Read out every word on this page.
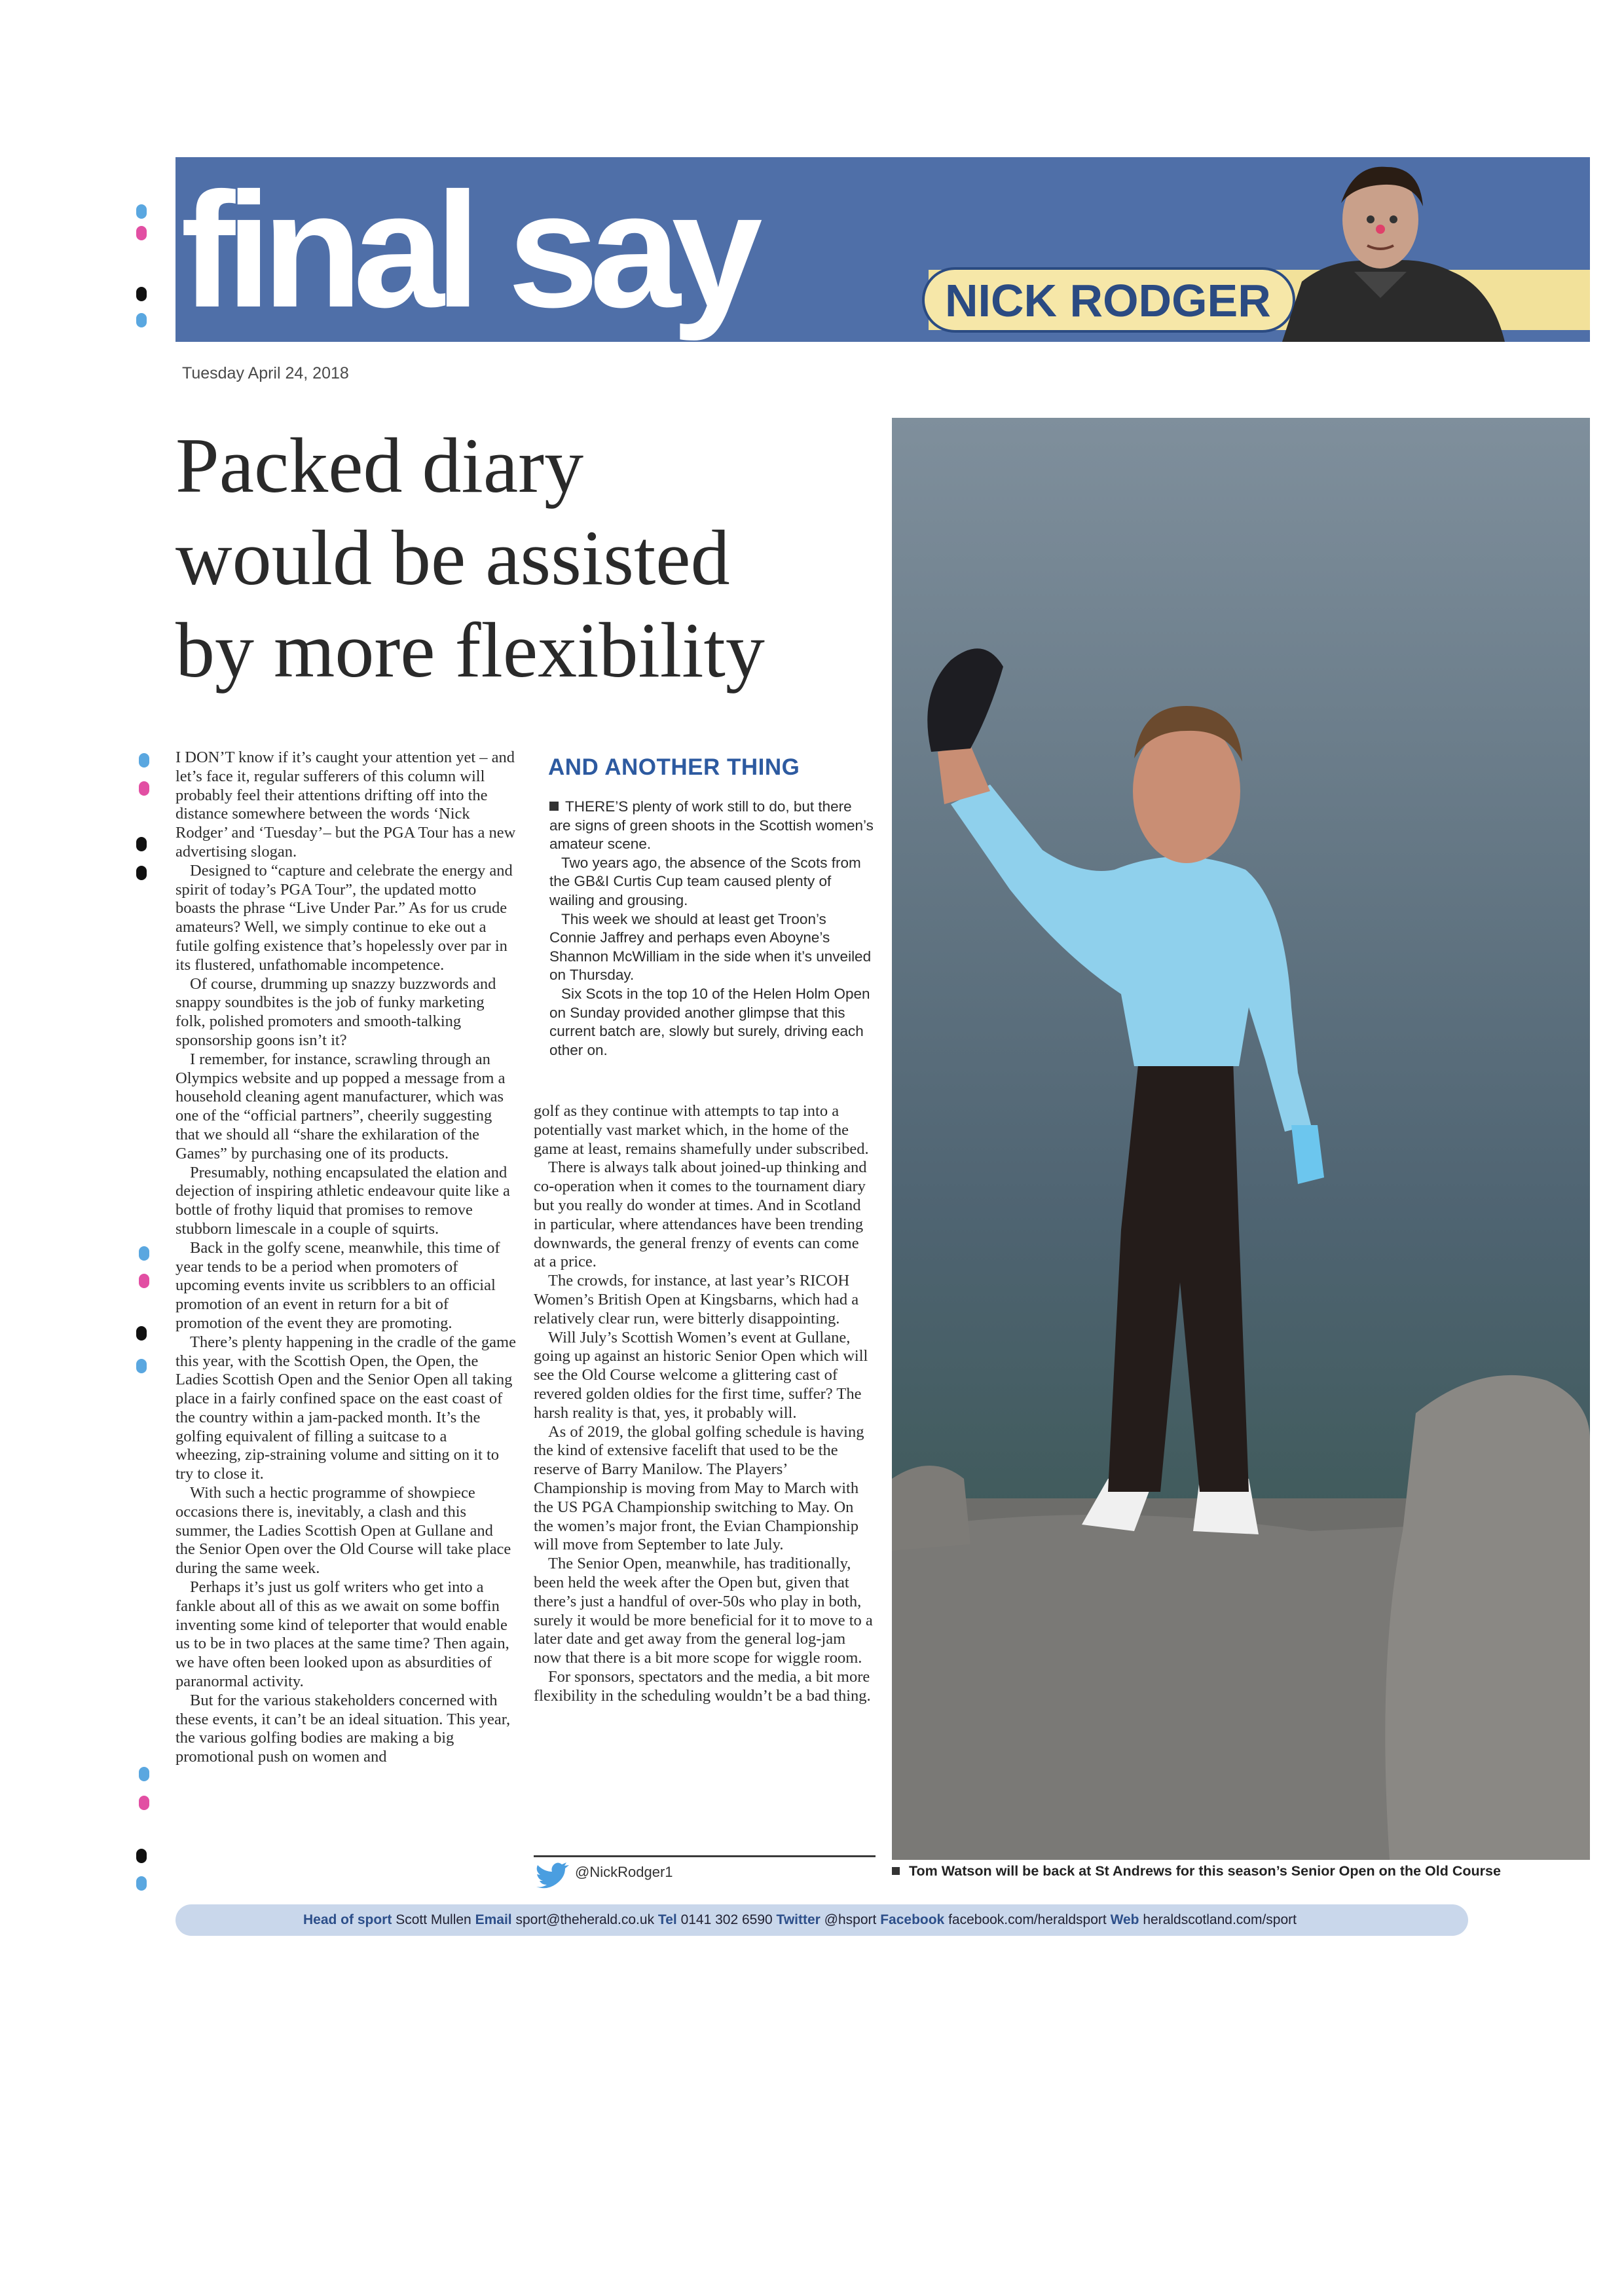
final say	NICK RODGER
Tuesday April 24, 2018
Packed diary
would be assisted
by more flexibility

I DON’T know if it’s caught your attention yet – and let’s face it, regular sufferers of this column will probably feel their attentions drifting off into the distance somewhere between the words ‘Nick Rodger’ and ‘Tuesday’– but the PGA Tour has a new advertising slogan.

Designed to “capture and celebrate the energy and spirit of today’s PGA Tour”, the updated motto boasts the phrase “Live Under Par.” As for us crude amateurs? Well, we simply continue to eke out a futile golfing existence that’s hopelessly over par in its flustered, unfathomable incompetence.

Of course, drumming up snazzy buzzwords and snappy soundbites is the job of funky marketing folk, polished promoters and smooth-talking sponsorship goons isn’t it?

I remember, for instance, scrawling through an Olympics website and up popped a message from a household cleaning agent manufacturer, which was one of the “official partners”, cheerily suggesting that we should all “share the exhilaration of the Games” by purchasing one of its products.

Presumably, nothing encapsulated the elation and dejection of inspiring athletic endeavour quite like a bottle of frothy liquid that promises to remove stubborn limescale in a couple of squirts.

Back in the golfy scene, meanwhile, this time of year tends to be a period when promoters of upcoming events invite us scribblers to an official promotion of an event in return for a bit of promotion of the event they are promoting.

There’s plenty happening in the cradle of the game this year, with the Scottish Open, the Open, the Ladies Scottish Open and the Senior Open all taking place in a fairly confined space on the east coast of the country within a jam-packed month. It’s the golfing equivalent of filling a suitcase to a wheezing, zip-straining volume and sitting on it to try to close it.

With such a hectic programme of showpiece occasions there is, inevitably, a clash and this summer, the Ladies Scottish Open at Gullane and the Senior Open over the Old Course will take place during the same week.

Perhaps it’s just us golf writers who get into a fankle about all of this as we await on some boffin inventing some kind of teleporter that would enable us to be in two places at the same time? Then again, we have often been looked upon as absurdities of paranormal activity.

But for the various stakeholders concerned with these events, it can’t be an ideal situation. This year, the various golfing bodies are making a big promotional push on women and

AND ANOTHER THING

THERE’S plenty of work still to do, but there are signs of green shoots in the Scottish women’s amateur scene.

Two years ago, the absence of the Scots from the GB&I Curtis Cup team caused plenty of wailing and grousing.

This week we should at least get Troon’s Connie Jaffrey and perhaps even Aboyne’s Shannon McWilliam in the side when it’s unveiled on Thursday.

Six Scots in the top 10 of the Helen Holm Open on Sunday provided another glimpse that this current batch are, slowly but surely, driving each other on.

golf as they continue with attempts to tap into a potentially vast market which, in the home of the game at least, remains shamefully under subscribed.

There is always talk about joined-up thinking and co-operation when it comes to the tournament diary but you really do wonder at times. And in Scotland in particular, where attendances have been trending downwards, the general frenzy of events can come at a price.

The crowds, for instance, at last year’s RICOH Women’s British Open at Kingsbarns, which had a relatively clear run, were bitterly disappointing.

Will July’s Scottish Women’s event at Gullane, going up against an historic Senior Open which will see the Old Course welcome a glittering cast of revered golden oldies for the first time, suffer? The harsh reality is that, yes, it probably will.

As of 2019, the global golfing schedule is having the kind of extensive facelift that used to be the reserve of Barry Manilow. The Players’ Championship is moving from May to March with the US PGA Championship switching to May. On the women’s major front, the Evian Championship will move from September to late July.

The Senior Open, meanwhile, has traditionally, been held the week after the Open but, given that there’s just a handful of over-50s who play in both, surely it would be more beneficial for it to move to a later date and get away from the general log-jam now that there is a bit more scope for wiggle room.

For sponsors, spectators and the media, a bit more flexibility in the scheduling wouldn’t be a bad thing.

@NickRodger1	Tom Watson will be back at St Andrews for this season’s Senior Open on the Old Course
Head of sport Scott Mullen Email sport@theherald.co.uk Tel 0141 302 6590 Twitter @hsport Facebook facebook.com/heraldsport Web heraldscotland.com/sport
